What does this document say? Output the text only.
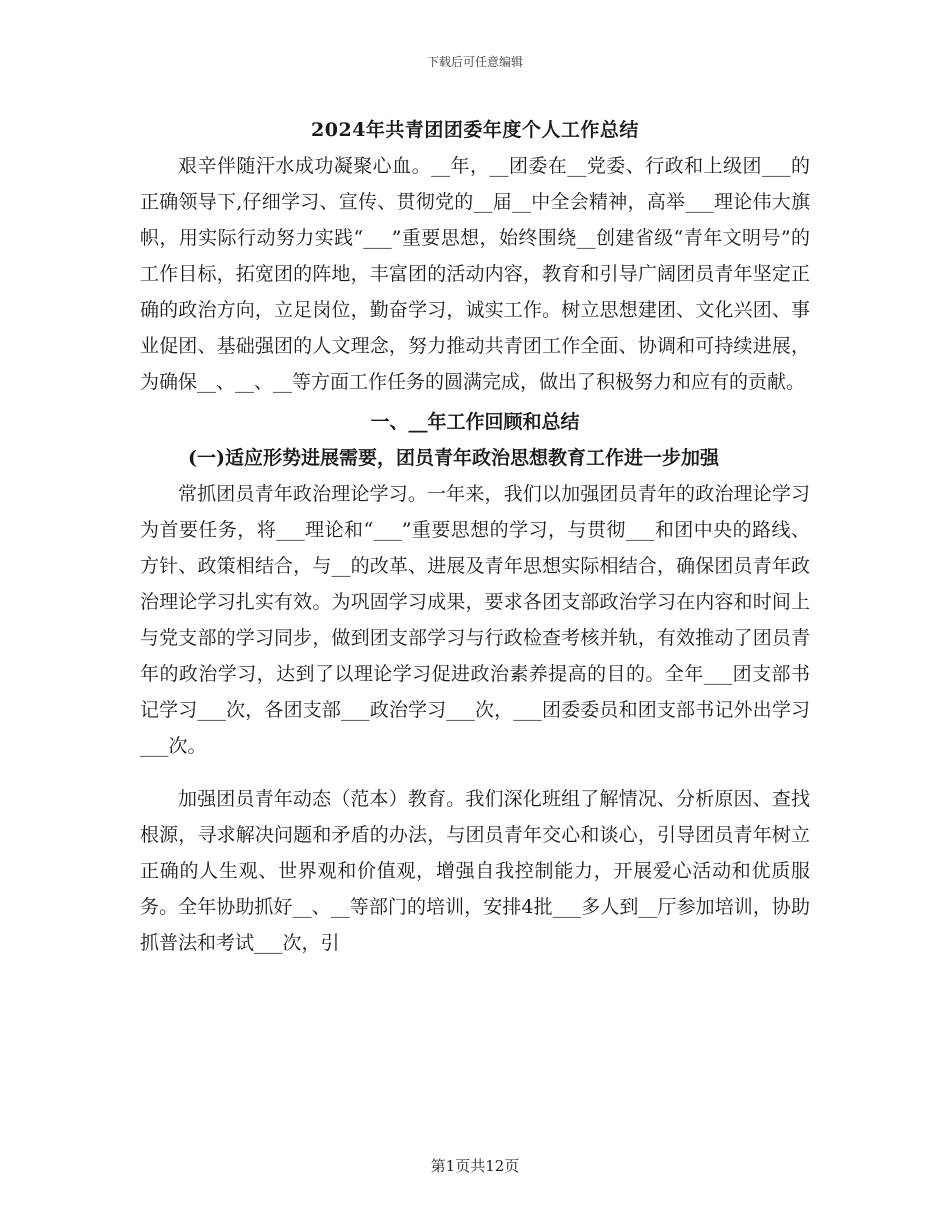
下载后可任意编辑
2024年共青团团委年度个人工作总结

艰辛伴随汗水成功凝聚心血。__年，__团委在__党委、行政和上级团___的正确领导下,仔细学习、宣传、贯彻党的__届__中全会精神，高举___理论伟大旗帜，用实际行动努力实践“___”重要思想，始终围绕__创建省级“青年文明号”的工作目标，拓宽团的阵地，丰富团的活动内容，教育和引导广阔团员青年坚定正确的政治方向，立足岗位，勤奋学习，诚实工作。树立思想建团、文化兴团、事业促团、基础强团的人文理念，努力推动共青团工作全面、协调和可持续进展，为确保__、__、__等方面工作任务的圆满完成，做出了积极努力和应有的贡献。

一、__年工作回顾和总结

(一)适应形势进展需要，团员青年政治思想教育工作进一步加强

常抓团员青年政治理论学习。一年来，我们以加强团员青年的政治理论学习为首要任务，将___理论和“___”重要思想的学习，与贯彻___和团中央的路线、方针、政策相结合，与__的改革、进展及青年思想实际相结合，确保团员青年政治理论学习扎实有效。为巩固学习成果，要求各团支部政治学习在内容和时间上与党支部的学习同步，做到团支部学习与行政检查考核并轨，有效推动了团员青年的政治学习，达到了以理论学习促进政治素养提高的目的。全年___团支部书记学习___次，各团支部___政治学习___次，___团委委员和团支部书记外出学习___次。

加强团员青年动态（范本）教育。我们深化班组了解情况、分析原因、查找根源，寻求解决问题和矛盾的办法，与团员青年交心和谈心，引导团员青年树立正确的人生观、世界观和价值观，增强自我控制能力，开展爱心活动和优质服务。全年协助抓好__、__等部门的培训，安排4批___多人到__厅参加培训，协助抓普法和考试___次，引

第1页共12页
